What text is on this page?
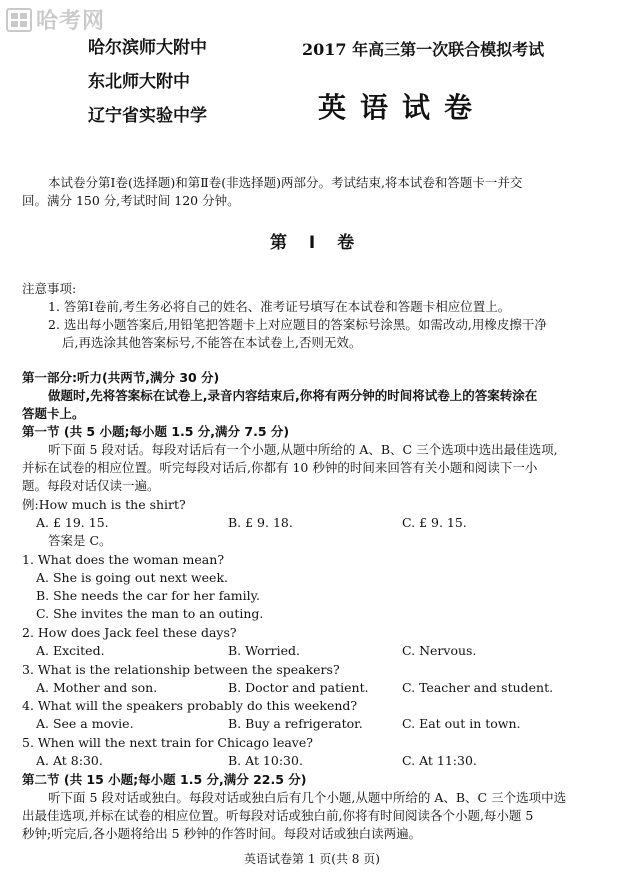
哈考网
哈尔滨师大附中
东北师大附中
辽宁省实验中学
2017 年高三第一次联合模拟考试
英语试卷
本试卷分第Ⅰ卷(选择题)和第Ⅱ卷(非选择题)两部分。考试结束,将本试卷和答题卡一并交
回。满分 150 分,考试时间 120 分钟。
第 Ⅰ 卷
注意事项:
1. 答第Ⅰ卷前,考生务必将自己的姓名、准考证号填写在本试卷和答题卡相应位置上。
2. 选出每小题答案后,用铅笔把答题卡上对应题目的答案标号涂黑。如需改动,用橡皮擦干净
后,再选涂其他答案标号,不能答在本试卷上,否则无效。
第一部分:听力(共两节,满分 30 分)
做题时,先将答案标在试卷上,录音内容结束后,你将有两分钟的时间将试卷上的答案转涂在
答题卡上。
第一节 (共 5 小题;每小题 1.5 分,满分 7.5 分)
听下面 5 段对话。每段对话后有一个小题,从题中所给的 A、B、C 三个选项中选出最佳选项,
并标在试卷的相应位置。听完每段对话后,你都有 10 秒钟的时间来回答有关小题和阅读下一小
题。每段对话仅读一遍。
例:How much is the shirt?
A. £ 19. 15.	B. £ 9. 18.	C. £ 9. 15.
答案是 C。
1. What does the woman mean?
A. She is going out next week.
B. She needs the car for her family.
C. She invites the man to an outing.
2. How does Jack feel these days?
A. Excited.	B. Worried.	C. Nervous.
3. What is the relationship between the speakers?
A. Mother and son.	B. Doctor and patient.	C. Teacher and student.
4. What will the speakers probably do this weekend?
A. See a movie.	B. Buy a refrigerator.	C. Eat out in town.
5. When will the next train for Chicago leave?
A. At 8:30.	B. At 10:30.	C. At 11:30.
第二节 (共 15 小题;每小题 1.5 分,满分 22.5 分)
听下面 5 段对话或独白。每段对话或独白后有几个小题,从题中所给的 A、B、C 三个选项中选
出最佳选项,并标在试卷的相应位置。听每段对话或独白前,你将有时间阅读各个小题,每小题 5
秒钟;听完后,各小题将给出 5 秒钟的作答时间。每段对话或独白读两遍。
英语试卷第 1 页(共 8 页)
